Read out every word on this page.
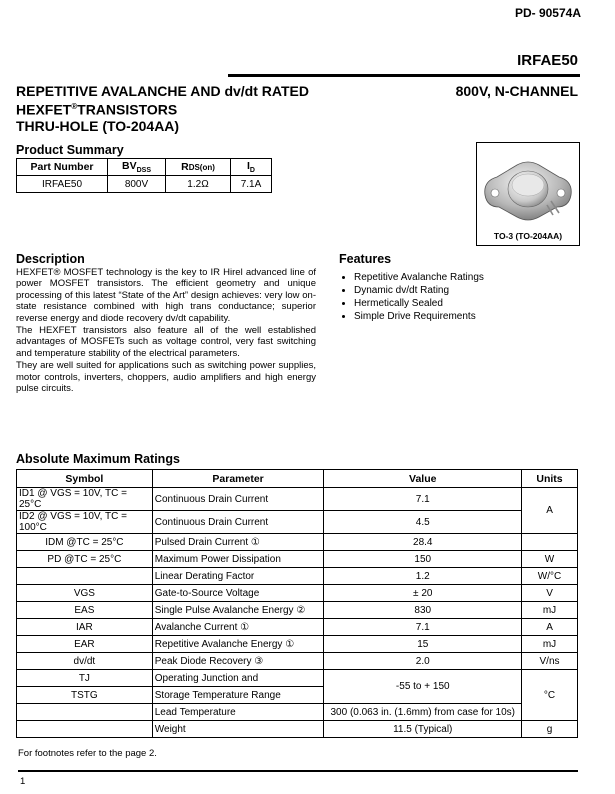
PD- 90574A
IRFAE50
REPETITIVE AVALANCHE AND dv/dt RATED
HEXFET®TRANSISTORS
THRU-HOLE (TO-204AA)
800V, N-CHANNEL
Product Summary
Part Number	$BV_{DSS}$	RDS(on)	$I_D$
IRFAE50	800V	1.2Ω	7.1A
TO-3 (TO-204AA)
Description

HEXFET® MOSFET technology is the key to IR Hirel advanced line of power MOSFET transistors. The efficient geometry and unique processing of this latest “State of the Art” design achieves: very low on-state resistance combined with high trans conductance; superior reverse energy and diode recovery dv/dt capability.

The HEXFET transistors also feature all of the well established advantages of MOSFETs such as voltage control, very fast switching and temperature stability of the electrical parameters.

They are well suited for applications such as switching power supplies, motor controls, inverters, choppers, audio amplifiers and high energy pulse circuits.

Features
• Repetitive Avalanche Ratings
• Dynamic dv/dt Rating
• Hermetically Sealed
• Simple Drive Requirements
Absolute Maximum Ratings
Symbol	Parameter	Value	Units
ID1 @ VGS = 10V, TC = 25°C	Continuous Drain Current	7.1	A
ID2 @ VGS = 10V, TC = 100°C	Continuous Drain Current	4.5	
IDM @TC = 25°C	Pulsed Drain Current ①	28.4	
PD @TC = 25°C	Maximum Power Dissipation	150	W
	Linear Derating Factor	1.2	W/°C
VGS	Gate-to-Source Voltage	± 20	V
EAS	Single Pulse Avalanche Energy ②	830	mJ
IAR	Avalanche Current ①	7.1	A
EAR	Repetitive Avalanche Energy ①	15	mJ
dv/dt	Peak Diode Recovery ③	2.0	V/ns
TJ	Operating Junction and	-55 to + 150	°C
TSTG	Storage Temperature Range		
	Lead Temperature	300 (0.063 in. (1.6mm) from case for 10s)	
	Weight	11.5 (Typical)	g
For footnotes refer to the page 2.
1
